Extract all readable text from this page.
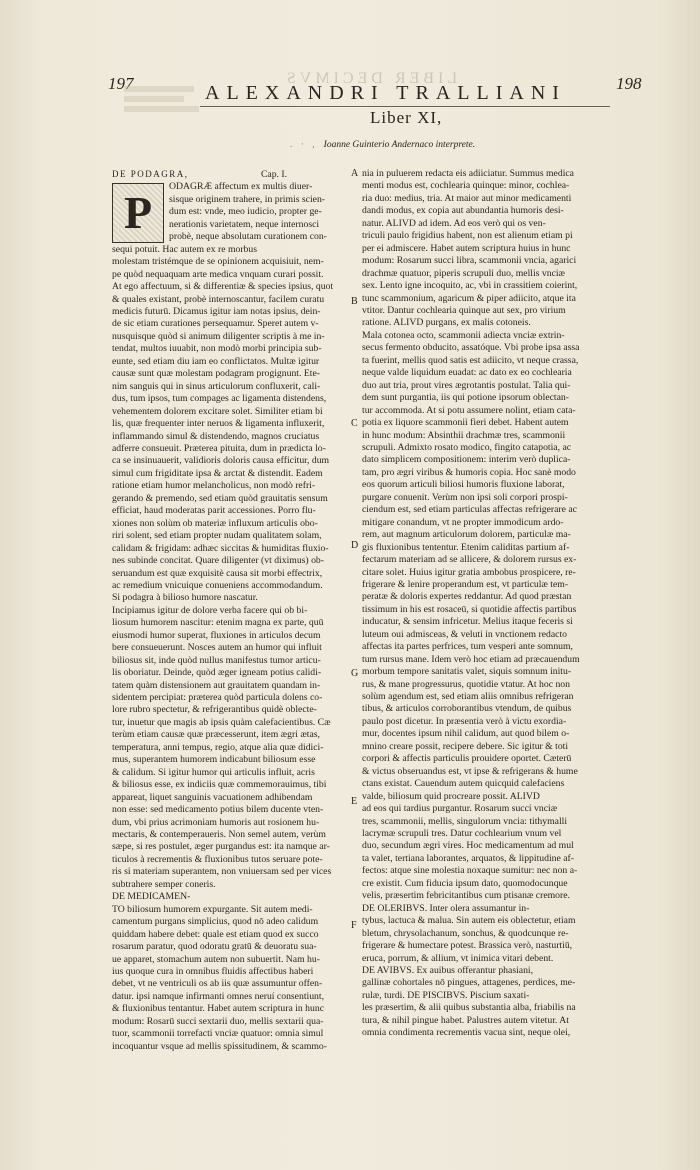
197	LIBER DECIMVS	198
ALEXANDRI TRALLIANI
Liber XI,
. · , Ioanne Guinterio Andernaco interprete.
DE PODAGRA,	Cap. I.
P

ODAGRÆ affectum ex multis diuer-

sisque originem trahere, in primis scien-

dum est: vnde, meo iudicio, propter ge-

nerationis varietatem, neque internosci

probè, neque absolutam curationem con-

sequi potuit. Hac autem ex re morbus

molestam tristémque de se opinionem acquisiuit, nem-

pe quòd nequaquam arte medica vnquam curari possit.

At ego affectuum, si & differentiæ & species ipsius, quot

& quales existant, probè internoscantur, facilem curatu

medicis futurū. Dicamus igitur iam notas ipsius, dein-

de sic etiam curationes persequamur. Speret autem v-

nusquisque quòd si animum diligenter scriptis à me in-

tendat, multos iuuabit, non modò morbi principia sub-

eunte, sed etiam diu iam eo conflictatos. Multæ igitur

causæ sunt quæ molestam podagram progignunt. Ete-

nim sanguis qui in sinus articulorum confluxerit, cali-

dus, tum ipsos, tum compages ac ligamenta distendens,

vehementem dolorem excitare solet. Similiter etiam bi

lis, quæ frequenter inter neruos & ligamenta influxerit,

inflammando simul & distendendo, magnos cruciatus

adferre consueuit. Præterea pituita, dum in prædicta lo-

ca se insinuauerit, validioris doloris causa efficitur, dum

simul cum frigiditate ipsa & arctat & distendit. Eadem

ratione etiam humor melancholicus, non modò refri-

gerando & premendo, sed etiam quòd grauitatis sensum

efficiat, haud moderatas parit accessiones. Porro flu-

xiones non solùm ob materiæ influxum articulis obo-

riri solent, sed etiam propter nudam qualitatem solam,

calidam & frigidam: adhæc siccitas & humiditas fluxio-

nes subinde concitat. Quare diligenter (vt diximus) ob-

seruandum est quæ exquisitè causa sit morbi effectrix,

ac remedium vnicuique conueniens accommodandum.

Si podagra à bilioso humore nascatur.

Incipiamus igitur de dolore verba facere qui ob bi-

liosum humorem nascitur: etenim magna ex parte, quū

eiusmodi humor superat, fluxiones in articulos decum

bere consueuerunt. Nosces autem an humor qui influit

biliosus sit, inde quòd nullus manifestus tumor articu-

lis oboriatur. Deinde, quòd æger igneam potius calidi-

tatem quàm distensionem aut grauitatem quandam in-

sidentem percipiat: præterea quòd particula dolens co-

lore rubro spectetur, & refrigerantibus quidè oblecte-

tur, inuetur que magis ab ipsis quàm calefacientibus. Cæ

terùm etiam causæ quæ præcesserunt, item ægri ætas,

temperatura, anni tempus, regio, atque alia quæ didici-

mus, superantem humorem indicabunt biliosum esse

& calidum. Si igitur humor qui articulis influit, acris

& biliosus esse, ex indiciis quæ commemorauimus, tibi

appareat, liquet sanguinis vacuationem adhibendam

non esse: sed medicamento potius bilem ducente vten-

dum, vbi prius acrimoniam humoris aut rosionem hu-

mectaris, & contemperaueris. Non semel autem, verùm

sæpe, si res postulet, æger purgandus est: ita namque ar-

ticulos à recrementis & fluxionibus tutos seruare pote-

ris si materiam superantem, non vniuersam sed per vices

subtrahere semper coneris.

DE MEDICAMEN-

TO biliosum humorem expurgante. Sit autem medi-

camentum purgans simplicius, quod nō adeo calidum

quiddam habere debet: quale est etiam quod ex succo

rosarum paratur, quod odoratu gratū & deuoratu sua-

ue apparet, stomachum autem non subuertit. Nam hu-

ius quoque cura in omnibus fluidis affectibus haberi

debet, vt ne ventriculi os ab iis quæ assumuntur offen-

datur. ipsi namque infirmanti omnes neruí consentiunt,

& fluxionibus tentantur. Habet autem scriptura in hunc

modum: Rosarū succi sextarii duo, mellis sextarii qua-

tuor, scammonii torrefacti vnciæ quatuor: omnia simul

incoquantur vsque ad mellis spissitudinem, & scammo-

A
B
C
D
G
E
F

nia in puluerem redacta eis adiiciatur. Summus medica

menti modus est, cochlearia quinque: minor, cochlea-

ria duo: medius, tria. At maior aut minor medicamenti

dandi modus, ex copia aut abundantia humoris desi-

natur. ALIVD ad idem. Ad eos verò qui os ven-

triculi paulo frigidius habent, non est alienum etiam pi

per ei admiscere. Habet autem scriptura huius in hunc

modum: Rosarum succi libra, scammonii vncia, agarici

drachmæ quatuor, piperis scrupuli duo, mellis vnciæ

sex. Lento igne incoquito, ac, vbi in crassitiem coierint,

tunc scammonium, agaricum & piper adiicito, atque ita

vtitor. Dantur cochlearia quinque aut sex, pro virium

ratione. ALIVD purgans, ex malis cotoneis.

Mala cotonea octo, scammonii adiecta vnciæ extrin-

secus fermento obducito, assatóque. Vbi probe ipsa assa

ta fuerint, mellis quod satis est adiicito, vt neque crassa,

neque valde liquidum euadat: ac dato ex eo cochlearia

duo aut tria, prout vires ægrotantis postulat. Talia qui-

dem sunt purgantia, iis qui potione ipsorum oblectan-

tur accommoda. At si potu assumere nolint, etiam cata-

potia ex liquore scammonii fieri debet. Habent autem

in hunc modum: Absinthii drachmæ tres, scammonii

scrupuli. Admixto rosato modico, fingito catapotia, ac

dato simplicem compositionem: interim verò duplica-

tam, pro ægri viribus & humoris copia. Hoc sanè modo

eos quorum articuli biliosi humoris fluxione laborat,

purgare conuenit. Verùm non ipsi soli corpori prospi-

ciendum est, sed etiam particulas affectas refrigerare ac

mitigare conandum, vt ne propter immodicum ardo-

rem, aut magnum articulorum dolorem, particulæ ma-

gis fluxionibus tententur. Etenim caliditas partium af-

fectarum materiam ad se allicere, & dolorem rursus ex-

citare solet. Huius igitur gratia ambobus prospicere, re-

frigerare & lenire properandum est, vt particulæ tem-

peratæ & doloris expertes reddantur. Ad quod præstan

tissimum in his est rosaceū, si quotidie affectis partibus

inducatur, & sensim infricetur. Melius itaque feceris si

luteum oui admisceas, & veluti in vnctionem redacto

affectas ita partes perfrices, tum vesperi ante somnum,

tum rursus mane. Idem verò hoc etiam ad præcauendum

morbum tempore sanitatis valet, siquis somnum initu-

rus, & mane progressurus, quotidie vtatur. At hoc non

solùm agendum est, sed etiam aliis omnibus refrigeran

tibus, & articulos corroborantibus vtendum, de quibus

paulo post dicetur. In præsentia verò à victu exordia-

mur, docentes ipsum nihil calidum, aut quod bilem o-

mnino creare possit, recipere debere. Sic igitur & toti

corpori & affectis particulis prouidere oportet. Cæterū

& victus obseruandus est, vt ipse & refrigerans & hume

ctans existat. Cauendum autem quicquid calefaciens

valde, biliosum quid procreare possit. ALIVD

ad eos qui tardius purgantur. Rosarum succi vnciæ

tres, scammonii, mellis, singulorum vncia: tithymalli

lacrymæ scrupuli tres. Datur cochlearium vnum vel

duo, secundum ægri vires. Hoc medicamentum ad mul

ta valet, tertiana laborantes, arquatos, & lippitudine af-

fectos: atque sine molestia noxaque sumitur: nec non a-

cre existit. Cum fiducia ipsum dato, quomodocunque

velis, præsertim febricitantibus cum ptisanæ cremore.

DE OLERIBVS. Inter olera assumantur in-

tybus, lactuca & malua. Sin autem eis oblectetur, etiam

bletum, chrysolachanum, sonchus, & quodcunque re-

frigerare & humectare potest. Brassica verò, nasturtiū,

eruca, porrum, & allium, vt inimica vitari debent.

DE AVIBVS. Ex auibus offerantur phasiani,

gallinæ cohortales nō pingues, attagenes, perdices, me-

rulæ, turdi. DE PISCIBVS. Piscium saxati-

les præsertim, & alii quibus substantia alba, friabilis na

tura, & nihil pingue habet. Palustres autem vitetur. At

omnia condimenta recrementis vacua sint, neque olei,
